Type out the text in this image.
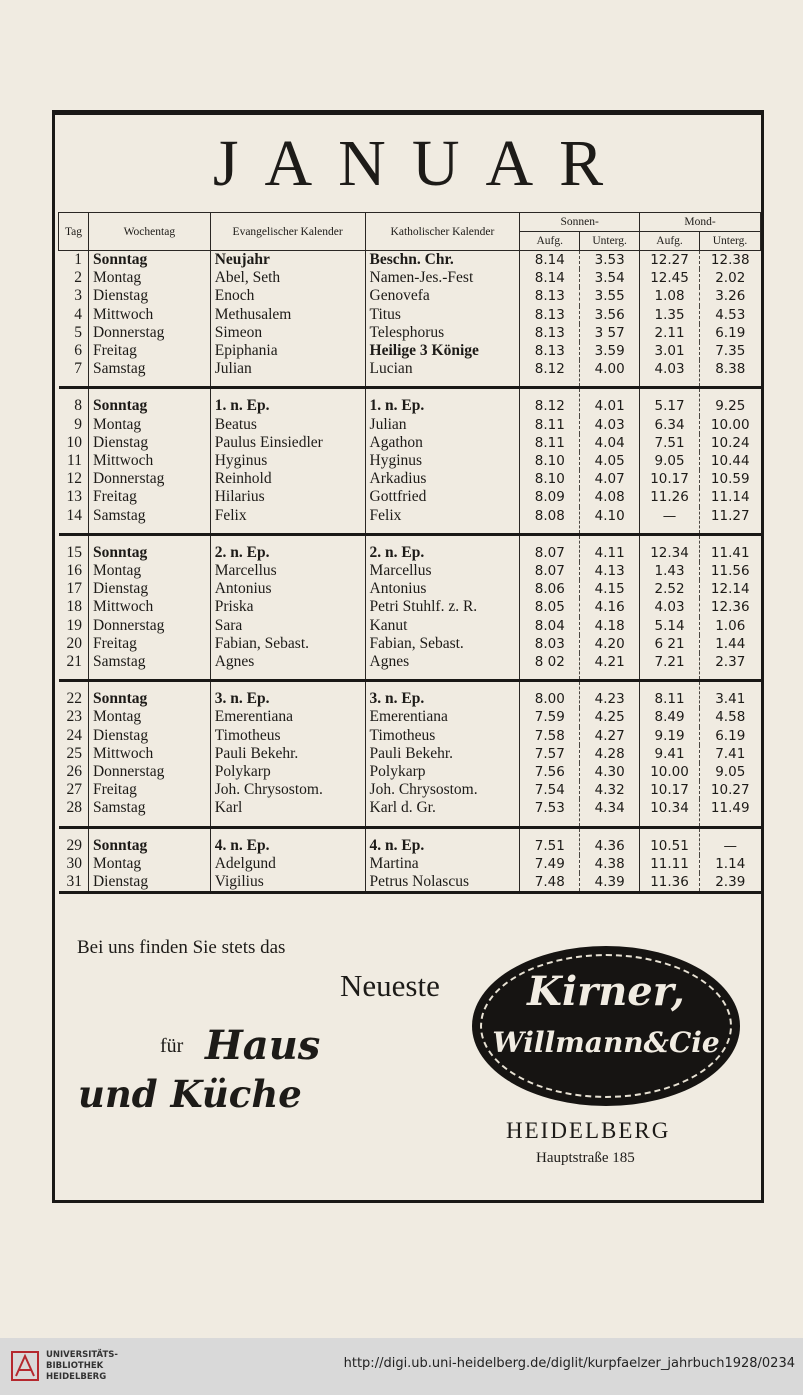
JANUAR
Tag	Wochentag	Evangelischer Kalender	Katholischer Kalender	Sonnen-		Mond-	
				Aufg.	Unterg.	Aufg.	Unterg.
1	Sonntag	Neujahr	Beschn. Chr.	8.14	3.53	12.27	12.38
2	Montag	Abel, Seth	Namen-Jes.-Fest	8.14	3.54	12.45	2.02
3	Dienstag	Enoch	Genovefa	8.13	3.55	1.08	3.26
4	Mittwoch	Methusalem	Titus	8.13	3.56	1.35	4.53
5	Donnerstag	Simeon	Telesphorus	8.13	3 57	2.11	6.19
6	Freitag	Epiphania	Heilige 3 Könige	8.13	3.59	3.01	7.35
7	Samstag	Julian	Lucian	8.12	4.00	4.03	8.38
8	Sonntag	1. n. Ep.	1. n. Ep.	8.12	4.01	5.17	9.25
9	Montag	Beatus	Julian	8.11	4.03	6.34	10.00
10	Dienstag	Paulus Einsiedler	Agathon	8.11	4.04	7.51	10.24
11	Mittwoch	Hyginus	Hyginus	8.10	4.05	9.05	10.44
12	Donnerstag	Reinhold	Arkadius	8.10	4.07	10.17	10.59
13	Freitag	Hilarius	Gottfried	8.09	4.08	11.26	11.14
14	Samstag	Felix	Felix	8.08	4.10	—	11.27
15	Sonntag	2. n. Ep.	2. n. Ep.	8.07	4.11	12.34	11.41
16	Montag	Marcellus	Marcellus	8.07	4.13	1.43	11.56
17	Dienstag	Antonius	Antonius	8.06	4.15	2.52	12.14
18	Mittwoch	Priska	Petri Stuhlf. z. R.	8.05	4.16	4.03	12.36
19	Donnerstag	Sara	Kanut	8.04	4.18	5.14	1.06
20	Freitag	Fabian, Sebast.	Fabian, Sebast.	8.03	4.20	6 21	1.44
21	Samstag	Agnes	Agnes	8 02	4.21	7.21	2.37
22	Sonntag	3. n. Ep.	3. n. Ep.	8.00	4.23	8.11	3.41
23	Montag	Emerentiana	Emerentiana	7.59	4.25	8.49	4.58
24	Dienstag	Timotheus	Timotheus	7.58	4.27	9.19	6.19
25	Mittwoch	Pauli Bekehr.	Pauli Bekehr.	7.57	4.28	9.41	7.41
26	Donnerstag	Polykarp	Polykarp	7.56	4.30	10.00	9.05
27	Freitag	Joh. Chrysostom.	Joh. Chrysostom.	7.54	4.32	10.17	10.27
28	Samstag	Karl	Karl d. Gr.	7.53	4.34	10.34	11.49
29	Sonntag	4. n. Ep.	4. n. Ep.	7.51	4.36	10.51	—
30	Montag	Adelgund	Martina	7.49	4.38	11.11	1.14
31	Dienstag	Vigilius	Petrus Nolascus	7.48	4.39	11.36	2.39
Bei uns finden Sie stets das
Neueste
für Haus
und Küche
Kirner,
Willmann&Cie
HEIDELBERG
Hauptstraße 185
UNIVERSITÄTS-
BIBLIOTHEK
HEIDELBERG
http://digi.ub.uni-heidelberg.de/diglit/kurpfaelzer_jahrbuch1928/0234
